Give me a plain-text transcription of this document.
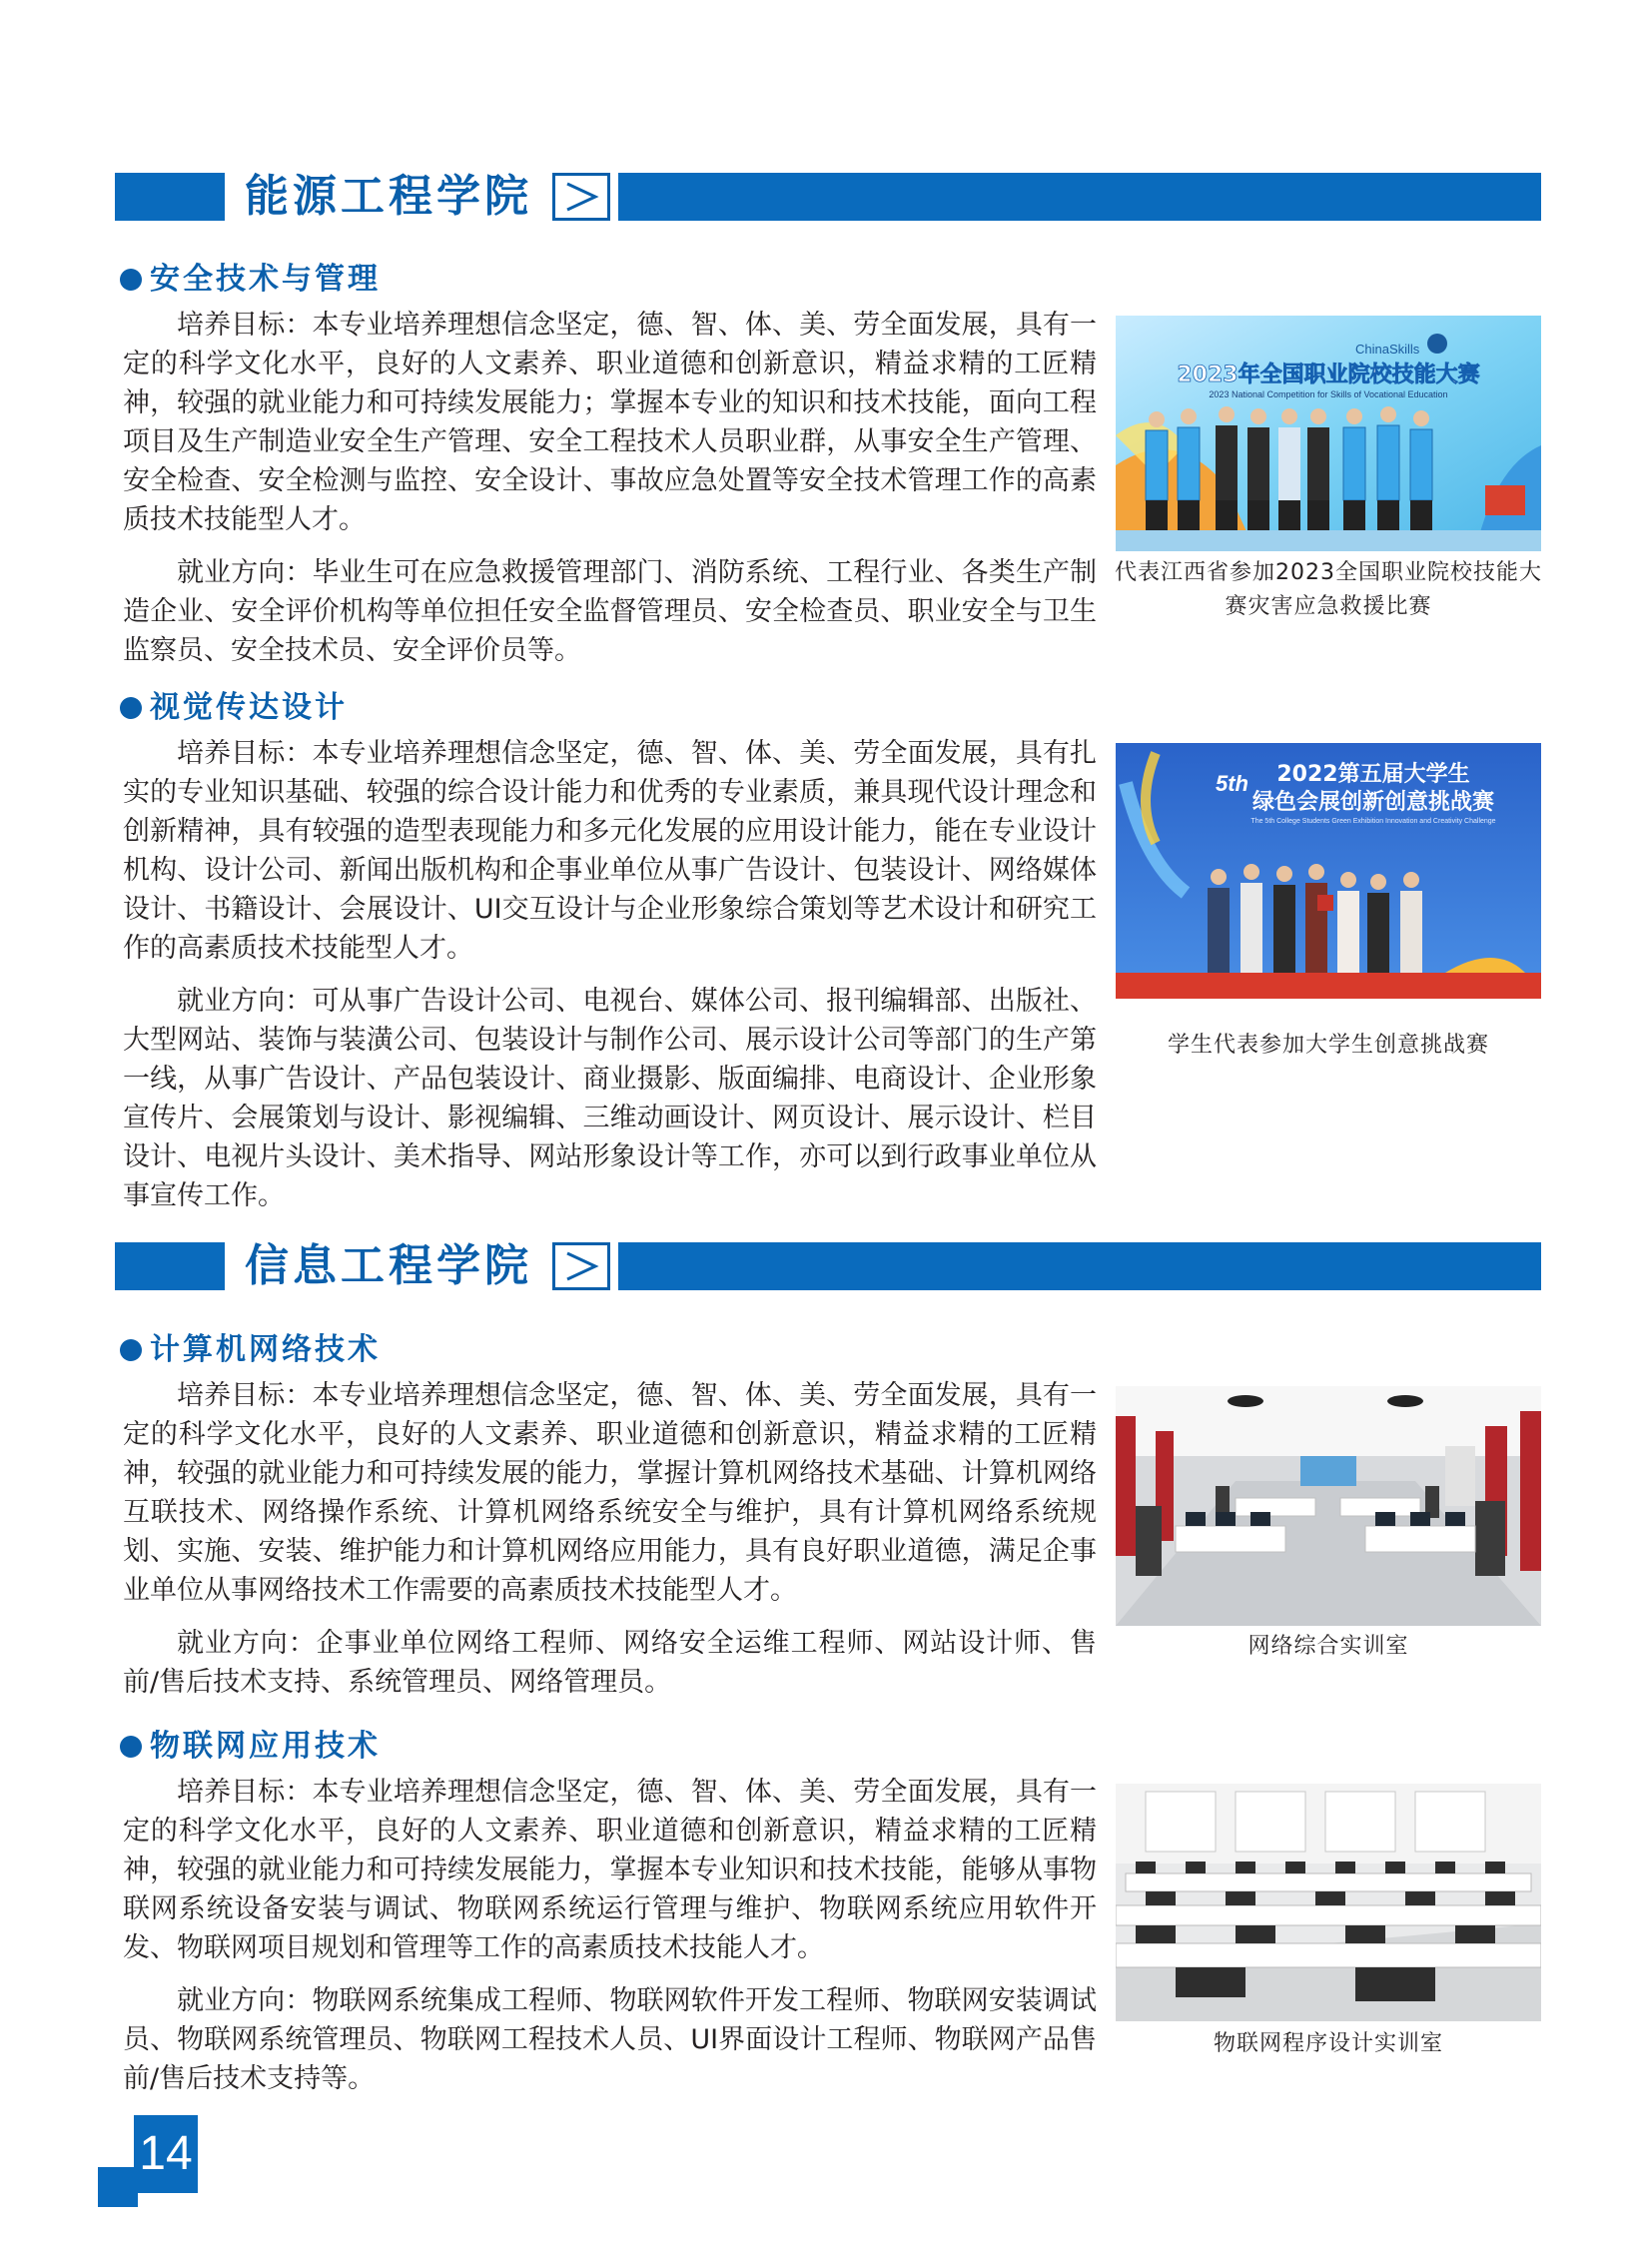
能源工程学院
安全技术与管理

培养目标：本专业培养理想信念坚定，德、智、体、美、劳全面发展，具有一定的科学文化水平，良好的人文素养、职业道德和创新意识，精益求精的工匠精神，较强的就业能力和可持续发展能力；掌握本专业的知识和技术技能，面向工程项目及生产制造业安全生产管理、安全工程技术人员职业群，从事安全生产管理、安全检查、安全检测与监控、安全设计、事故应急处置等安全技术管理工作的高素质技术技能型人才。

就业方向：毕业生可在应急救援管理部门、消防系统、工程行业、各类生产制造企业、安全评价机构等单位担任安全监督管理员、安全检查员、职业安全与卫生监察员、安全技术员、安全评价员等。

ChinaSkills
2023年全国职业院校技能大赛
2023 National Competition for Skills of Vocational Education
代表江西省参加2023全国职业院校技能大赛灾害应急救援比赛
视觉传达设计

培养目标：本专业培养理想信念坚定，德、智、体、美、劳全面发展，具有扎实的专业知识基础、较强的综合设计能力和优秀的专业素质，兼具现代设计理念和创新精神，具有较强的造型表现能力和多元化发展的应用设计能力，能在专业设计机构、设计公司、新闻出版机构和企事业单位从事广告设计、包装设计、网络媒体设计、书籍设计、会展设计、UI交互设计与企业形象综合策划等艺术设计和研究工作的高素质技术技能型人才。

就业方向：可从事广告设计公司、电视台、媒体公司、报刊编辑部、出版社、大型网站、装饰与装潢公司、包装设计与制作公司、展示设计公司等部门的生产第一线，从事广告设计、产品包装设计、商业摄影、版面编排、电商设计、企业形象宣传片、会展策划与设计、影视编辑、三维动画设计、网页设计、展示设计、栏目设计、电视片头设计、美术指导、网站形象设计等工作，亦可以到行政事业单位从事宣传工作。

5th 2022第五届大学生
绿色会展创新创意挑战赛
The 5th College Students Green Exhibition Innovation and Creativity Challenge
学生代表参加大学生创意挑战赛
信息工程学院
计算机网络技术

培养目标：本专业培养理想信念坚定，德、智、体、美、劳全面发展，具有一定的科学文化水平，良好的人文素养、职业道德和创新意识，精益求精的工匠精神，较强的就业能力和可持续发展的能力，掌握计算机网络技术基础、计算机网络互联技术、网络操作系统、计算机网络系统安全与维护，具有计算机网络系统规划、实施、安装、维护能力和计算机网络应用能力，具有良好职业道德，满足企事业单位从事网络技术工作需要的高素质技术技能型人才。

就业方向：企事业单位网络工程师、网络安全运维工程师、网站设计师、售前/售后技术支持、系统管理员、网络管理员。

网络综合实训室
物联网应用技术

培养目标：本专业培养理想信念坚定，德、智、体、美、劳全面发展，具有一定的科学文化水平，良好的人文素养、职业道德和创新意识，精益求精的工匠精神，较强的就业能力和可持续发展能力，掌握本专业知识和技术技能，能够从事物联网系统设备安装与调试、物联网系统运行管理与维护、物联网系统应用软件开发、物联网项目规划和管理等工作的高素质技术技能人才。

就业方向：物联网系统集成工程师、物联网软件开发工程师、物联网安装调试员、物联网系统管理员、物联网工程技术人员、UI界面设计工程师、物联网产品售前/售后技术支持等。

物联网程序设计实训室
14
